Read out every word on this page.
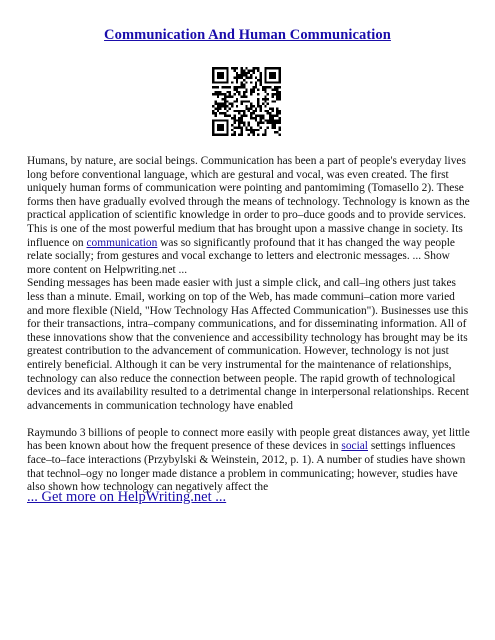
Communication And Human Communication

Humans, by nature, are social beings. Communication has been a part of people's everyday lives long before conventional language, which are gestural and vocal, was even created. The first uniquely human forms of communication were pointing and pantomiming (Tomasello 2). These forms then have gradually evolved through the means of technology. Technology is known as the practical application of scientific knowledge in order to pro–duce goods and to provide services. This is one of the most powerful medium that has brought upon a massive change in society. Its influence on communication was so significantly profound that it has changed the way people relate socially; from gestures and vocal exchange to letters and electronic messages. ... Show more content on Helpwriting.net ...

Sending messages has been made easier with just a simple click, and call–ing others just takes less than a minute. Email, working on top of the Web, has made communi–cation more varied and more flexible (Nield, "How Technology Has Affected Communication"). Businesses use this for their transactions, intra–company communications, and for disseminating information. All of these innovations show that the convenience and accessibility technology has brought may be its greatest contribution to the advancement of communication. However, technology is not just entirely beneficial. Although it can be very instrumental for the maintenance of relationships, technology can also reduce the connection between people. The rapid growth of technological devices and its availability resulted to a detrimental change in interpersonal relationships. Recent advancements in communication technology have enabled

Raymundo 3 billions of people to connect more easily with people great distances away, yet little has been known about how the frequent presence of these devices in social settings influences face–to–face interactions (Przybylski & Weinstein, 2012, p. 1). A number of studies have shown that technol–ogy no longer made distance a problem in communicating; however, studies have also shown how technology can negatively affect the

... Get more on HelpWriting.net ...
